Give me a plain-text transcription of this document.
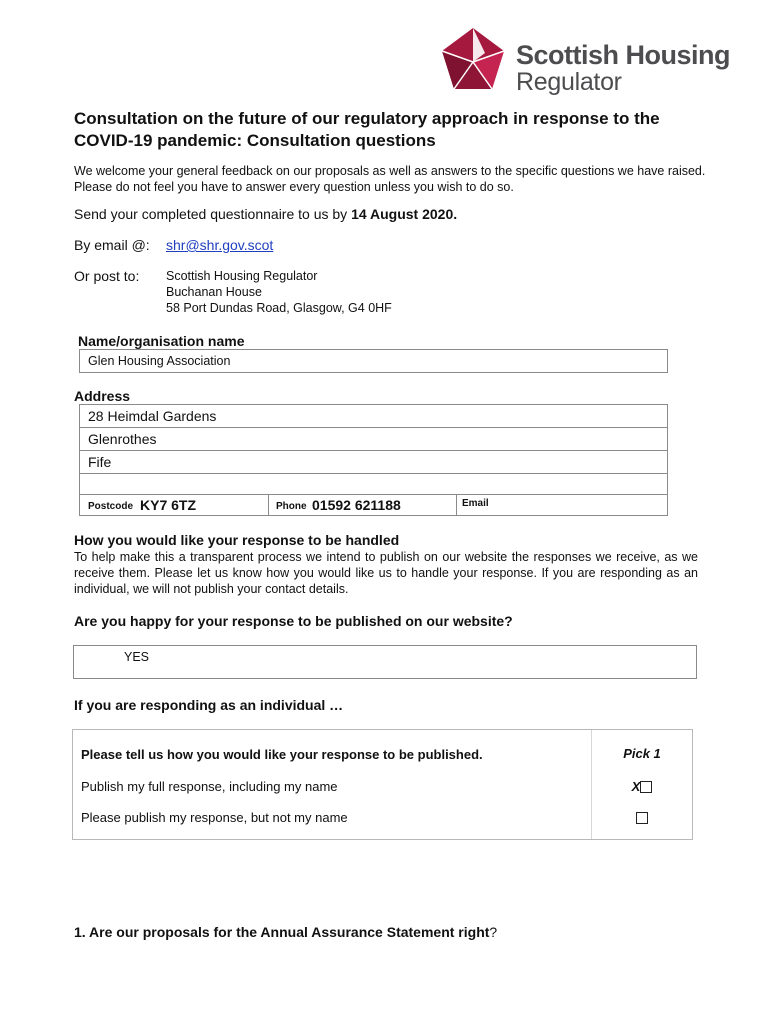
Scottish Housing
Regulator
Consultation on the future of our regulatory approach in response to the COVID-19 pandemic: Consultation questions
We welcome your general feedback on our proposals as well as answers to the specific questions we have raised. Please do not feel you have to answer every question unless you wish to do so.
Send your completed questionnaire to us by 14 August 2020.
By email @: shr@shr.gov.scot
Or post to: Scottish Housing Regulator
Buchanan House
58 Port Dundas Road, Glasgow, G4 0HF
Name/organisation name
Glen Housing Association
Address
28 Heimdal Gardens
Glenrothes
Fife
Postcode KY7 6TZ	Phone 01592 621188	Email
How you would like your response to be handled
To help make this a transparent process we intend to publish on our website the responses we receive, as we receive them. Please let us know how you would like us to handle your response. If you are responding as an individual, we will not publish your contact details.
Are you happy for your response to be published on our website?
YES
If you are responding as an individual …
Please tell us how you would like your response to be published.	Pick 1
Publish my full response, including my name	X
Please publish my response, but not my name
1. Are our proposals for the Annual Assurance Statement right?
